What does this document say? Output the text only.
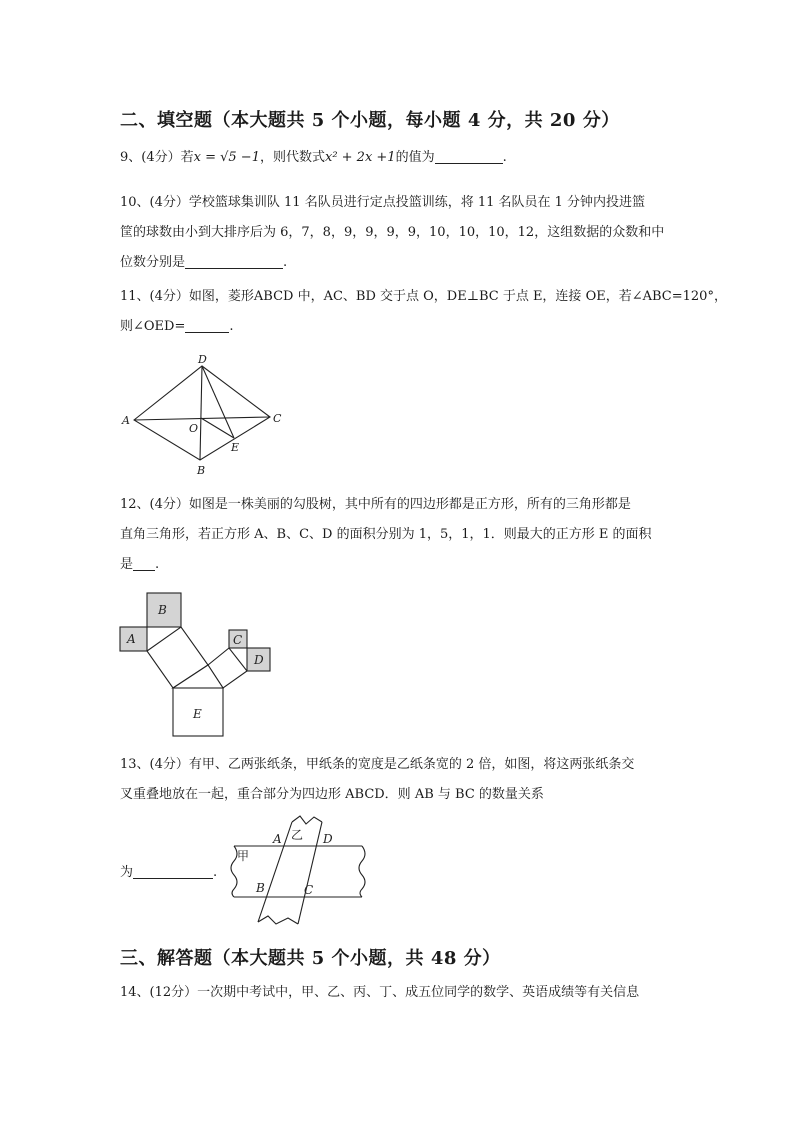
二、填空题（本大题共 5 个小题，每小题 4 分，共 20 分）
9、(4分）若x = √5 −1，则代数式x² + 2x +1的值为	.
10、(4分）学校篮球集训队 11 名队员进行定点投篮训练，将 11 名队员在 1 分钟内投进篮
筐的球数由小到大排序后为 6，7，8，9，9，9，9，10，10，10，12，这组数据的众数和中
位数分别是	.
11、(4分）如图，菱形ABCD 中，AC、BD 交于点 O，DE⊥BC 于点 E，连接 OE，若∠ABC=120°，
则∠OED=	.
A
D
C
B
O
E
12、(4分）如图是一株美丽的勾股树，其中所有的四边形都是正方形，所有的三角形都是
直角三角形，若正方形 A、B、C、D 的面积分别为 1，5，1，1．则最大的正方形 E 的面积
是 .
A
B
C
D
E
13、(4分）有甲、乙两张纸条，甲纸条的宽度是乙纸条宽的 2 倍，如图，将这两张纸条交
叉重叠地放在一起，重合部分为四边形 ABCD．则 AB 与 BC 的数量关系
为	.
甲
乙
A	D
B	C
三、解答题（本大题共 5 个小题，共 48 分）
14、(12分）一次期中考试中，甲、乙、丙、丁、成五位同学的数学、英语成绩等有关信息
